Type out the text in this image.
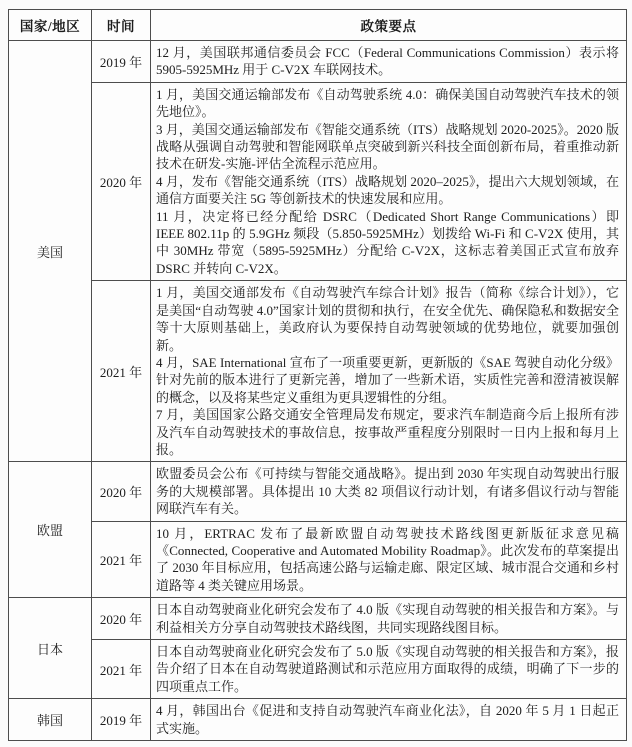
国家/地区	时间	政策要点
美国	2019 年	12 月，美国联邦通信委员会 FCC（Federal Communications Commission）表示将 5905-5925MHz 用于 C-V2X 车联网技术。

	2020 年	1 月，美国交通运输部发布《自动驾驶系统 4.0：确保美国自动驾驶汽车技术的领先地位》。

3 月，美国交通运输部发布《智能交通系统（ITS）战略规划 2020-2025》。2020 版战略从强调自动驾驶和智能网联单点突破到新兴科技全面创新布局，着重推动新技术在研发-实施-评估全流程示范应用。

4 月，发布《智能交通系统（ITS）战略规划 2020–2025》，提出六大规划领域，在通信方面要关注 5G 等创新技术的快速发展和应用。

11 月，决定将已经分配给 DSRC（Dedicated Short Range Communications）即 IEEE 802.11p 的 5.9GHz 频段（5.850-5925MHz）划拨给 Wi-Fi 和 C-V2X 使用，其中 30MHz 带宽（5895-5925MHz）分配给 C-V2X，这标志着美国正式宣布放弃 DSRC 并转向 C-V2X。

	2021 年	1 月，美国交通部发布《自动驾驶汽车综合计划》报告（简称《综合计划》），它是美国“自动驾驶 4.0”国家计划的贯彻和执行，在安全优先、确保隐私和数据安全等十大原则基础上，美政府认为要保持自动驾驶领域的优势地位，就要加强创新。

4 月，SAE International 宣布了一项重要更新，更新版的《SAE 驾驶自动化分级》针对先前的版本进行了更新完善，增加了一些新术语，实质性完善和澄清被误解的概念，以及将某些定义重组为更具逻辑性的分组。

7 月，美国国家公路交通安全管理局发布规定，要求汽车制造商今后上报所有涉及汽车自动驾驶技术的事故信息，按事故严重程度分别限时一日内上报和每月上报。

欧盟	2020 年	欧盟委员会公布《可持续与智能交通战略》。提出到 2030 年实现自动驾驶出行服务的大规模部署。具体提出 10 大类 82 项倡议行动计划，有诸多倡议行动与智能网联汽车有关。

	2021 年	10 月，ERTRAC 发布了最新欧盟自动驾驶技术路线图更新版征求意见稿《Connected, Cooperative and Automated Mobility Roadmap》。此次发布的草案提出了 2030 年目标应用，包括高速公路与运输走廊、限定区域、城市混合交通和乡村道路等 4 类关键应用场景。

日本	2020 年	日本自动驾驶商业化研究会发布了 4.0 版《实现自动驾驶的相关报告和方案》。与利益相关方分享自动驾驶技术路线图，共同实现路线图目标。

	2021 年	日本自动驾驶商业化研究会发布了 5.0 版《实现自动驾驶的相关报告和方案》，报告介绍了日本在自动驾驶道路测试和示范应用方面取得的成绩，明确了下一步的四项重点工作。

韩国	2019 年	4 月，韩国出台《促进和支持自动驾驶汽车商业化法》，自 2020 年 5 月 1 日起正式实施。
